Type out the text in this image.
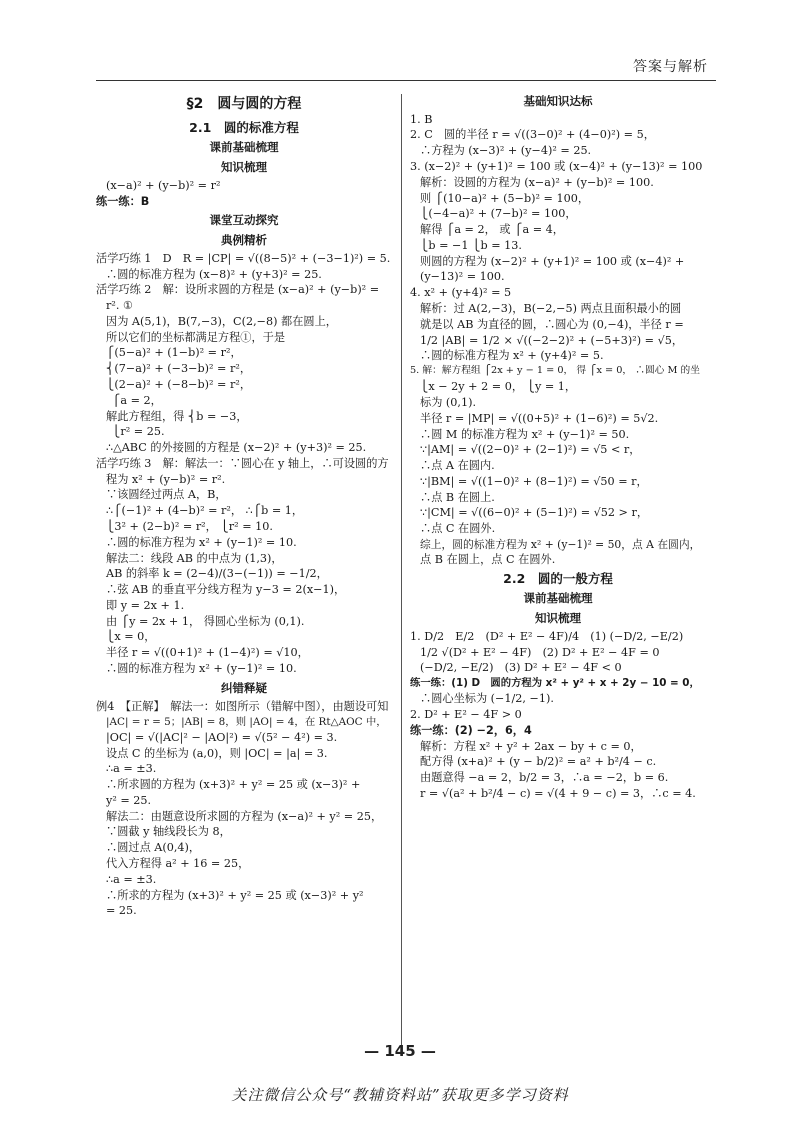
答案与解析
§2　圆与圆的方程
2.1　圆的标准方程
课前基础梳理
知识梳理
(x−a)² + (y−b)² = r²
练一练：B
课堂互动探究
典例精析
活学巧练 1　D　R = |CP| = √((8−5)² + (−3−1)²) = 5.
∴圆的标准方程为 (x−8)² + (y+3)² = 25.
活学巧练 2　解：设所求圆的方程是 (x−a)² + (y−b)² =
r². ①
因为 A(5,1)，B(7,−3)，C(2,−8) 都在圆上，
所以它们的坐标都满足方程①，于是
⎧(5−a)² + (1−b)² = r²，
⎨(7−a)² + (−3−b)² = r²，
⎩(2−a)² + (−8−b)² = r²，
⎧a = 2，
解此方程组，得 ⎨b = −3，
⎩r² = 25.
∴△ABC 的外接圆的方程是 (x−2)² + (y+3)² = 25.
活学巧练 3　解：解法一：∵圆心在 y 轴上，∴可设圆的方
程为 x² + (y−b)² = r².
∵该圆经过两点 A，B，
∴⎧(−1)² + (4−b)² = r²， ∴⎧b = 1，
⎩3² + (2−b)² = r²， ⎩r² = 10.
∴圆的标准方程为 x² + (y−1)² = 10.
解法二：线段 AB 的中点为 (1,3)，
AB 的斜率 k = (2−4)/(3−(−1)) = −1/2，
∴弦 AB 的垂直平分线方程为 y−3 = 2(x−1)，
即 y = 2x + 1.
由 ⎧y = 2x + 1， 得圆心坐标为 (0,1).
⎩x = 0，
半径 r = √((0+1)² + (1−4)²) = √10，
∴圆的标准方程为 x² + (y−1)² = 10.
纠错释疑
例4　【正解】　解法一：如图所示（错解中图），由题设可知
|AC| = r = 5；|AB| = 8，则 |AO| = 4，在 Rt△AOC 中，
|OC| = √(|AC|² − |AO|²) = √(5² − 4²) = 3.
设点 C 的坐标为 (a,0)，则 |OC| = |a| = 3.
∴a = ±3.
∴所求圆的方程为 (x+3)² + y² = 25 或 (x−3)² +
y² = 25.
解法二：由题意设所求圆的方程为 (x−a)² + y² = 25，
∵圆截 y 轴线段长为 8，
∴圆过点 A(0,4)，
代入方程得 a² + 16 = 25，
∴a = ±3.
∴所求的方程为 (x+3)² + y² = 25 或 (x−3)² + y²
= 25.
基础知识达标
1. B
2. C　圆的半径 r = √((3−0)² + (4−0)²) = 5，
∴方程为 (x−3)² + (y−4)² = 25.
3. (x−2)² + (y+1)² = 100 或 (x−4)² + (y−13)² = 100
解析：设圆的方程为 (x−a)² + (y−b)² = 100.
则 ⎧(10−a)² + (5−b)² = 100，
⎩(−4−a)² + (7−b)² = 100，
解得 ⎧a = 2， 或 ⎧a = 4，
⎩b = −1 ⎩b = 13.
则圆的方程为 (x−2)² + (y+1)² = 100 或 (x−4)² +
(y−13)² = 100.
4. x² + (y+4)² = 5
解析：过 A(2,−3)，B(−2,−5) 两点且面积最小的圆
就是以 AB 为直径的圆，∴圆心为 (0,−4)，半径 r =
1/2 |AB| = 1/2 × √((−2−2)² + (−5+3)²) = √5，
∴圆的标准方程为 x² + (y+4)² = 5.
5. 解：解方程组 ⎧2x + y − 1 = 0， 得 ⎧x = 0， ∴圆心 M 的坐
⎩x − 2y + 2 = 0， ⎩y = 1，
标为 (0,1).
半径 r = |MP| = √((0+5)² + (1−6)²) = 5√2.
∴圆 M 的标准方程为 x² + (y−1)² = 50.
∵|AM| = √((2−0)² + (2−1)²) = √5 < r，
∴点 A 在圆内.
∵|BM| = √((1−0)² + (8−1)²) = √50 = r，
∴点 B 在圆上.
∵|CM| = √((6−0)² + (5−1)²) = √52 > r，
∴点 C 在圆外.
综上，圆的标准方程为 x² + (y−1)² = 50，点 A 在圆内，
点 B 在圆上，点 C 在圆外.
2.2　圆的一般方程
课前基础梳理
知识梳理
1. D/2　E/2　(D² + E² − 4F)/4　(1) (−D/2, −E/2)
1/2 √(D² + E² − 4F)　(2) D² + E² − 4F = 0
(−D/2, −E/2)　(3) D² + E² − 4F < 0
练一练：(1) D　圆的方程为 x² + y² + x + 2y − 10 = 0，
∴圆心坐标为 (−1/2, −1).
2. D² + E² − 4F > 0
练一练：(2) −2，6，4
解析：方程 x² + y² + 2ax − by + c = 0，
配方得 (x+a)² + (y − b/2)² = a² + b²/4 − c.
由题意得 −a = 2，b/2 = 3，∴a = −2，b = 6.
r = √(a² + b²/4 − c) = √(4 + 9 − c) = 3，∴c = 4.
— 145 —
关注微信公众号“教辅资料站”获取更多学习资料
